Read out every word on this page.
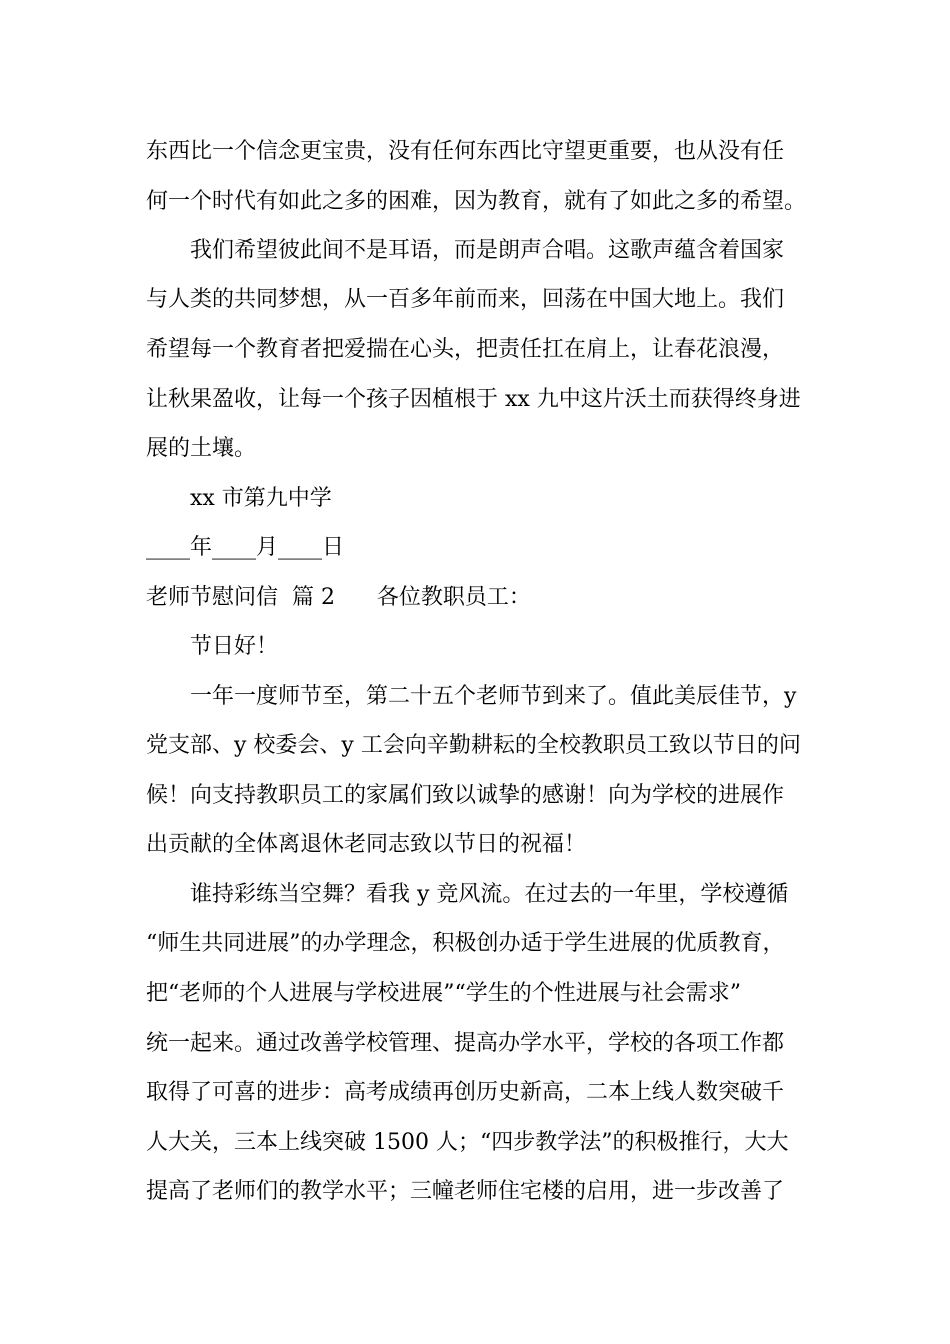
东西比一个信念更宝贵，没有任何东西比守望更重要，也从没有任
何一个时代有如此之多的困难，因为教育，就有了如此之多的希望。
我们希望彼此间不是耳语，而是朗声合唱。这歌声蕴含着国家
与人类的共同梦想，从一百多年前而来，回荡在中国大地上。我们
希望每一个教育者把爱揣在心头，把责任扛在肩上，让春花浪漫，
让秋果盈收，让每一个孩子因植根于 xx 九中这片沃土而获得终身进
展的土壤。
xx 市第九中学
____年____月____日
老师节慰问信  篇 2      各位教职员工：
节日好！
一年一度师节至，第二十五个老师节到来了。值此美辰佳节，y
党支部、y 校委会、y 工会向辛勤耕耘的全校教职员工致以节日的问
候！向支持教职员工的家属们致以诚挚的感谢！向为学校的进展作
出贡献的全体离退休老同志致以节日的祝福！
谁持彩练当空舞？看我 y 竞风流。在过去的一年里，学校遵循
“师生共同进展”的办学理念，积极创办适于学生进展的优质教育，
把“老师的个人进展与学校进展”“学生的个性进展与社会需求”
统一起来。通过改善学校管理、提高办学水平，学校的各项工作都
取得了可喜的进步：高考成绩再创历史新高，二本上线人数突破千
人大关，三本上线突破 1500 人；“四步教学法”的积极推行，大大
提高了老师们的教学水平；三幢老师住宅楼的启用，进一步改善了
